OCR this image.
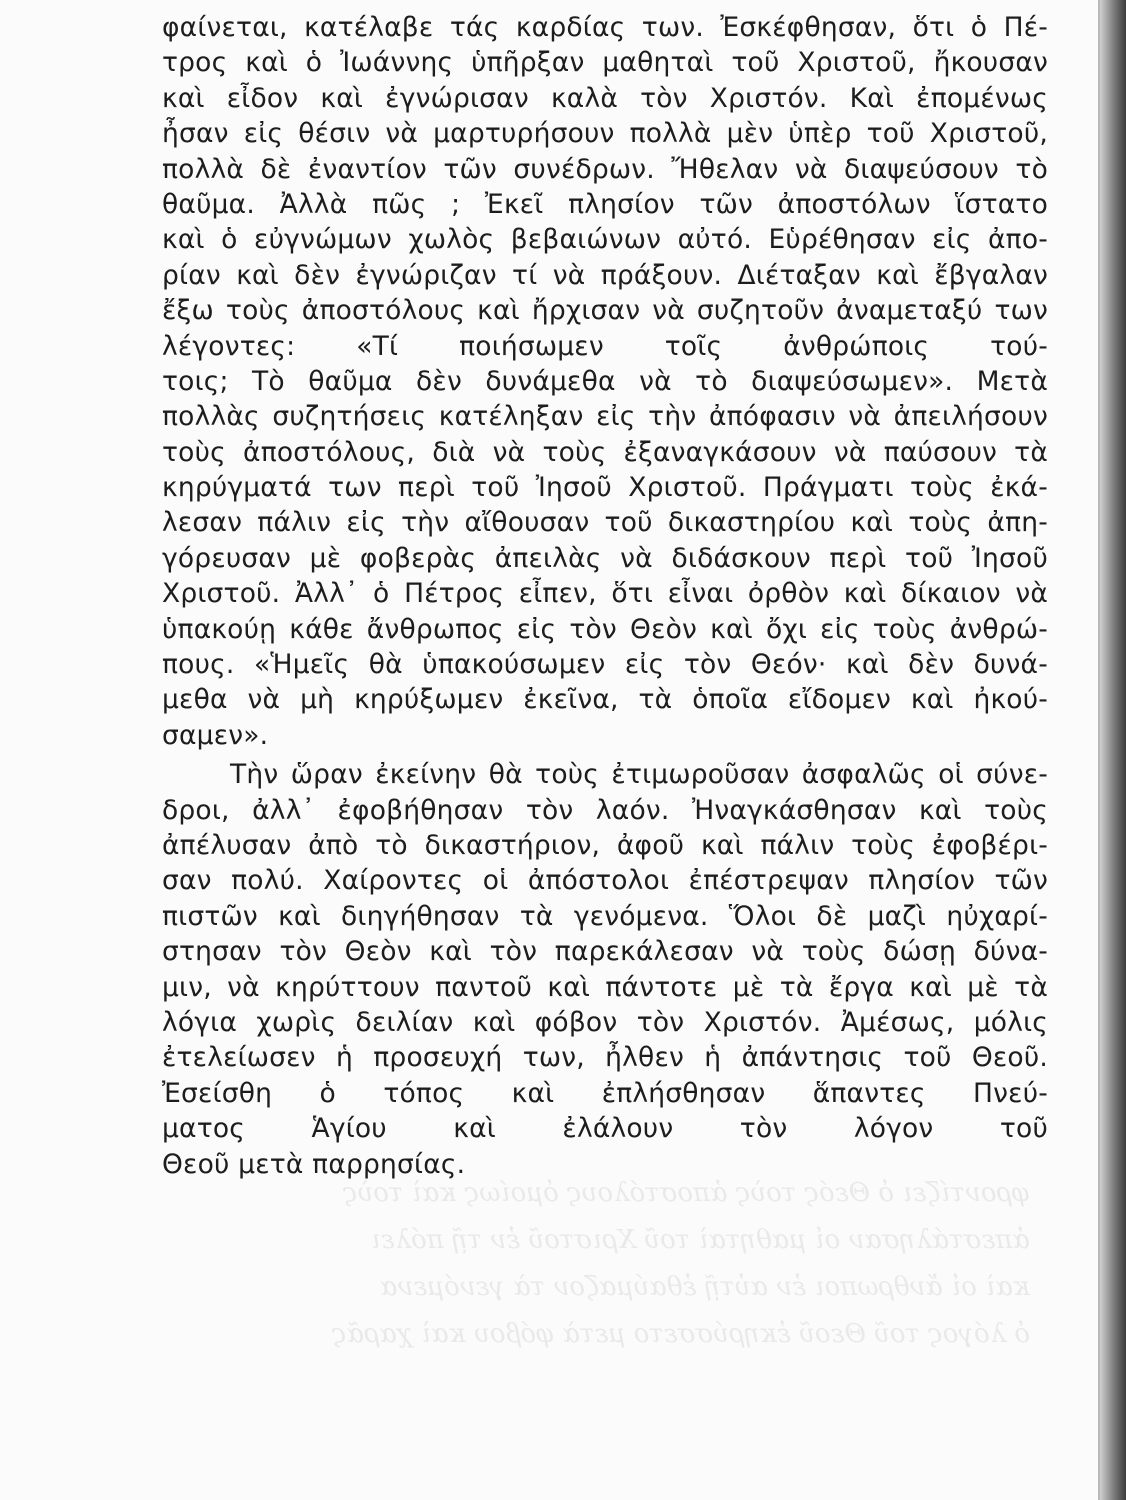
φροντίζει ὁ Θεός τοὺς ἀποστόλους ὁμοίως καὶ τοὺς
ἀπεστάλησαν οἱ μαθηταὶ τοῦ Χριστοῦ ἐν τῇ πόλει
καὶ οἱ ἄνθρωποι ἐν αὐτῇ ἐθαύμαζον τὰ γενόμενα
ὁ λόγος τοῦ Θεοῦ ἐκηρύσσετο μετὰ φόβου καὶ χαρᾶς
φαίνεται, κατέλαβε τάς καρδίας των. Ἐσκέφθησαν, ὅτι ὁ Πέ-
τρος καὶ ὁ Ἰωάννης ὑπῆρξαν μαθηταὶ τοῦ Χριστοῦ, ἤκουσαν
καὶ εἶδον καὶ ἐγνώρισαν καλὰ τὸν Χριστόν. Καὶ ἐπομένως
ἦσαν εἰς θέσιν νὰ μαρτυρήσουν πολλὰ μὲν ὑπὲρ τοῦ Χριστοῦ,
πολλὰ δὲ ἐναντίον τῶν συνέδρων. Ἤθελαν νὰ διαψεύσουν τὸ
θαῦμα. Ἀλλὰ πῶς ; Ἐκεῖ πλησίον τῶν ἀποστόλων ἵστατο
καὶ ὁ εὐγνώμων χωλὸς βεβαιώνων αὐτό. Εὑρέθησαν εἰς ἀπο-
ρίαν καὶ δὲν ἐγνώριζαν τί νὰ πράξουν. Διέταξαν καὶ ἔβγαλαν
ἔξω τοὺς ἀποστόλους καὶ ἤρχισαν νὰ συζητοῦν ἀναμεταξύ των
λέγοντες: «Τί ποιήσωμεν τοῖς ἀνθρώποις τού-
τοις; Τὸ θαῦμα δὲν δυνάμεθα νὰ τὸ διαψεύσωμεν». Μετὰ
πολλὰς συζητήσεις κατέληξαν εἰς τὴν ἀπόφασιν νὰ ἀπειλήσουν
τοὺς ἀποστόλους, διὰ νὰ τοὺς ἐξαναγκάσουν νὰ παύσουν τὰ
κηρύγματά των περὶ τοῦ Ἰησοῦ Χριστοῦ. Πράγματι τοὺς ἐκά-
λεσαν πάλιν εἰς τὴν αἴθουσαν τοῦ δικαστηρίου καὶ τοὺς ἀπη-
γόρευσαν μὲ φοβερὰς ἀπειλὰς νὰ διδάσκουν περὶ τοῦ Ἰησοῦ
Χριστοῦ. Ἀλλ᾿ ὁ Πέτρος εἶπεν, ὅτι εἶναι ὀρθὸν καὶ δίκαιον νὰ
ὑπακούῃ κάθε ἄνθρωπος εἰς τὸν Θεὸν καὶ ὄχι εἰς τοὺς ἀνθρώ-
πους. «Ἡμεῖς θὰ ὑπακούσωμεν εἰς τὸν Θεόν· καὶ δὲν δυνά-
μεθα νὰ μὴ κηρύξωμεν ἐκεῖνα, τὰ ὁποῖα εἴδομεν καὶ ἠκού-
σαμεν».
Τὴν ὥραν ἐκείνην θὰ τοὺς ἐτιμωροῦσαν ἀσφαλῶς οἱ σύνε-
δροι, ἀλλ᾿ ἐφοβήθησαν τὸν λαόν. Ἠναγκάσθησαν καὶ τοὺς
ἀπέλυσαν ἀπὸ τὸ δικαστήριον, ἀφοῦ καὶ πάλιν τοὺς ἐφοβέρι-
σαν πολύ. Χαίροντες οἱ ἀπόστολοι ἐπέστρεψαν πλησίον τῶν
πιστῶν καὶ διηγήθησαν τὰ γενόμενα. Ὅλοι δὲ μαζὶ ηὐχαρί-
στησαν τὸν Θεὸν καὶ τὸν παρεκάλεσαν νὰ τοὺς δώσῃ δύνα-
μιν, νὰ κηρύττουν παντοῦ καὶ πάντοτε μὲ τὰ ἔργα καὶ μὲ τὰ
λόγια χωρὶς δειλίαν καὶ φόβον τὸν Χριστόν. Ἀμέσως, μόλις
ἐτελείωσεν ἡ προσευχή των, ἦλθεν ἡ ἀπάντησις τοῦ Θεοῦ.
Ἐσείσθη ὁ τόπος καὶ ἐπλήσθησαν ἅπαντες Πνεύ-
ματος Ἁγίου καὶ ἐλάλουν τὸν λόγον τοῦ
Θεοῦ μετὰ παρρησίας.
